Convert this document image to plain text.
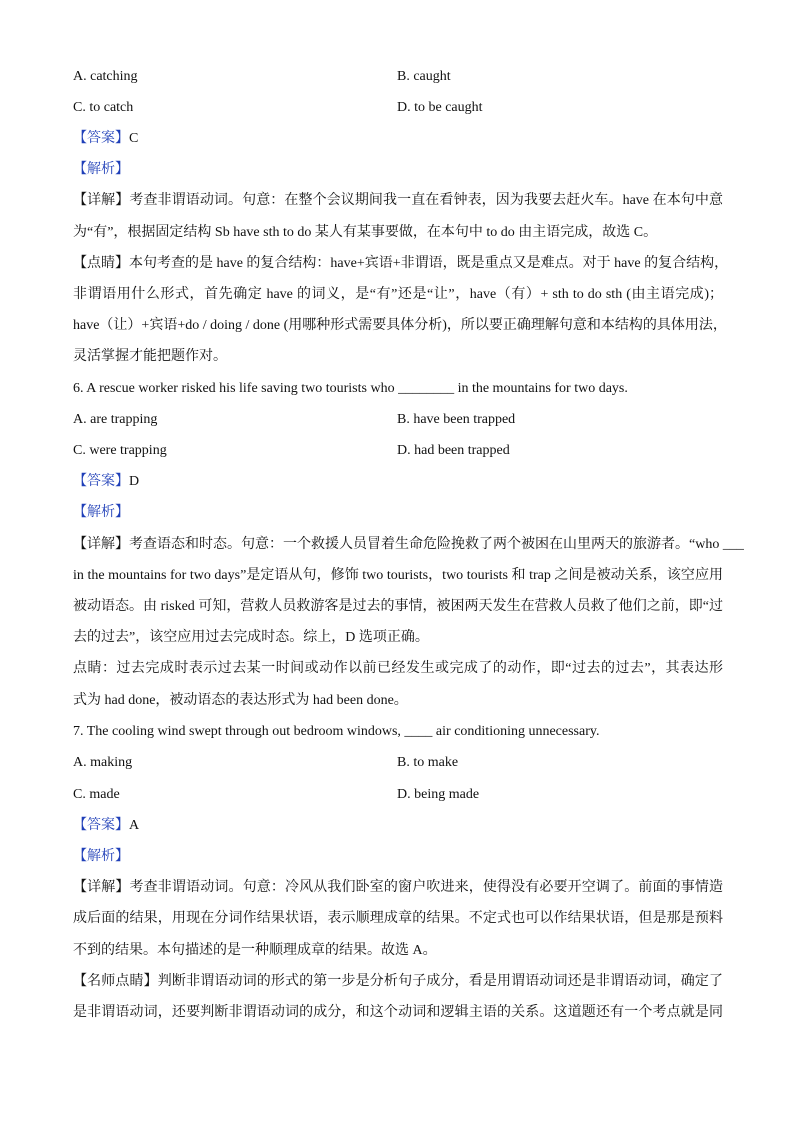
A. catching	B. caught
C. to catch	D. to be caught
【答案】C
【解析】
【详解】考查非谓语动词。句意：在整个会议期间我一直在看钟表，因为我要去赶火车。have 在本句中意
为“有”，根据固定结构 Sb have sth to do 某人有某事要做，在本句中 to do 由主语完成，故选 C。
【点睛】本句考查的是 have 的复合结构：have+宾语+非谓语，既是重点又是难点。对于 have 的复合结构，
非谓语用什么形式，首先确定 have 的词义，是“有”还是“让”，have（有）+ sth to do sth (由主语完成)；
have（让）+宾语+do / doing / done (用哪种形式需要具体分析)，所以要正确理解句意和本结构的具体用法，
灵活掌握才能把题作对。
6. A rescue worker risked his life saving two tourists who ________ in the mountains for two days.
A. are trapping	B. have been trapped
C. were trapping	D. had been trapped
【答案】D
【解析】
【详解】考查语态和时态。句意：一个救援人员冒着生命危险挽救了两个被困在山里两天的旅游者。“who ___
in the mountains for two days”是定语从句，修饰 two tourists，two tourists 和 trap 之间是被动关系，该空应用
被动语态。由 risked 可知，营救人员救游客是过去的事情，被困两天发生在营救人员救了他们之前，即“过
去的过去”，该空应用过去完成时态。综上，D 选项正确。
点睛：过去完成时表示过去某一时间或动作以前已经发生或完成了的动作，即“过去的过去”，其表达形
式为 had done，被动语态的表达形式为 had been done。
7. The cooling wind swept through out bedroom windows, ____ air conditioning unnecessary.
A. making	B. to make
C. made	D. being made
【答案】A
【解析】
【详解】考查非谓语动词。句意：冷风从我们卧室的窗户吹进来，使得没有必要开空调了。前面的事情造
成后面的结果，用现在分词作结果状语，表示顺理成章的结果。不定式也可以作结果状语，但是那是预料
不到的结果。本句描述的是一种顺理成章的结果。故选 A。
【名师点睛】判断非谓语动词的形式的第一步是分析句子成分，看是用谓语动词还是非谓语动词，确定了
是非谓语动词，还要判断非谓语动词的成分，和这个动词和逻辑主语的关系。这道题还有一个考点就是同
